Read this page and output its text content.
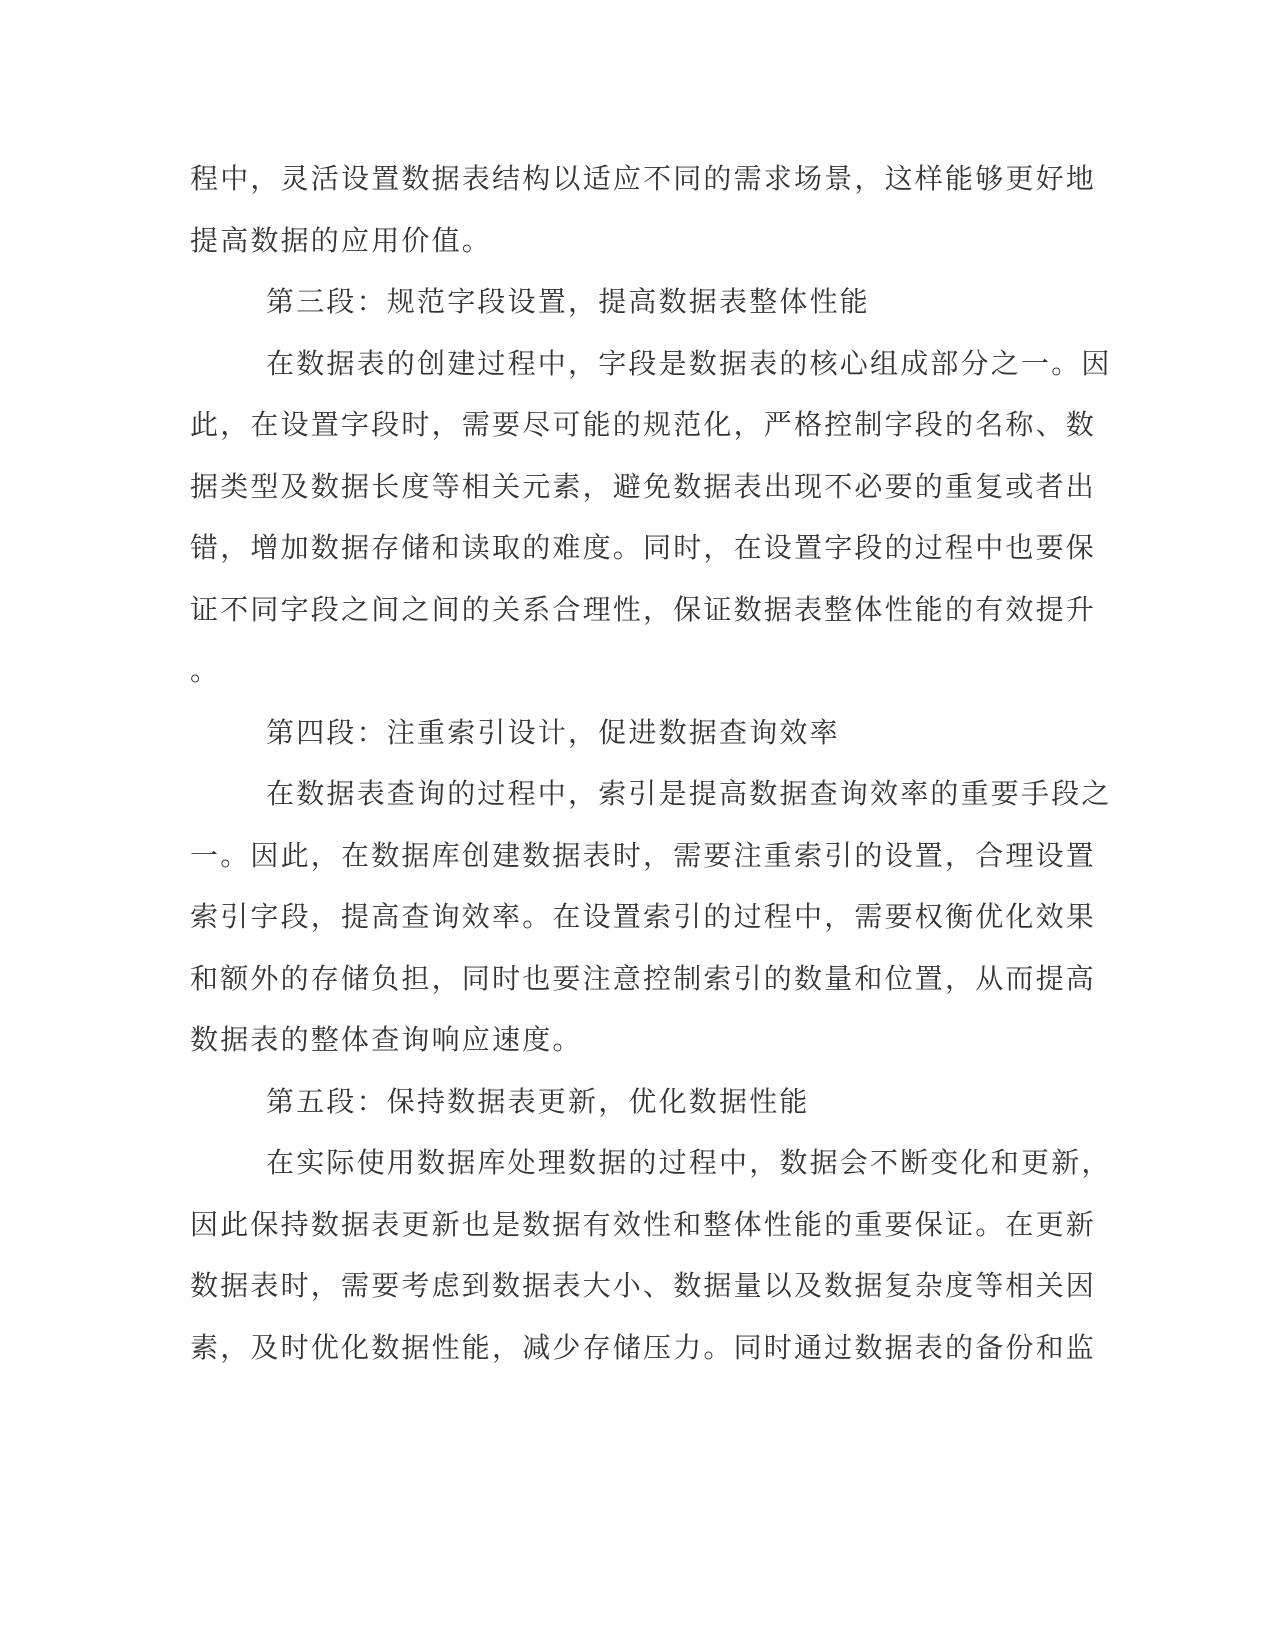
程中，灵活设置数据表结构以适应不同的需求场景，这样能够更好地
提高数据的应用价值。
第三段：规范字段设置，提高数据表整体性能
在数据表的创建过程中，字段是数据表的核心组成部分之一。因
此，在设置字段时，需要尽可能的规范化，严格控制字段的名称、数
据类型及数据长度等相关元素，避免数据表出现不必要的重复或者出
错，增加数据存储和读取的难度。同时，在设置字段的过程中也要保
证不同字段之间之间的关系合理性，保证数据表整体性能的有效提升
。
第四段：注重索引设计，促进数据查询效率
在数据表查询的过程中，索引是提高数据查询效率的重要手段之
一。因此，在数据库创建数据表时，需要注重索引的设置，合理设置
索引字段，提高查询效率。在设置索引的过程中，需要权衡优化效果
和额外的存储负担，同时也要注意控制索引的数量和位置，从而提高
数据表的整体查询响应速度。
第五段：保持数据表更新，优化数据性能
在实际使用数据库处理数据的过程中，数据会不断变化和更新，
因此保持数据表更新也是数据有效性和整体性能的重要保证。在更新
数据表时，需要考虑到数据表大小、数据量以及数据复杂度等相关因
素，及时优化数据性能，减少存储压力。同时通过数据表的备份和监
